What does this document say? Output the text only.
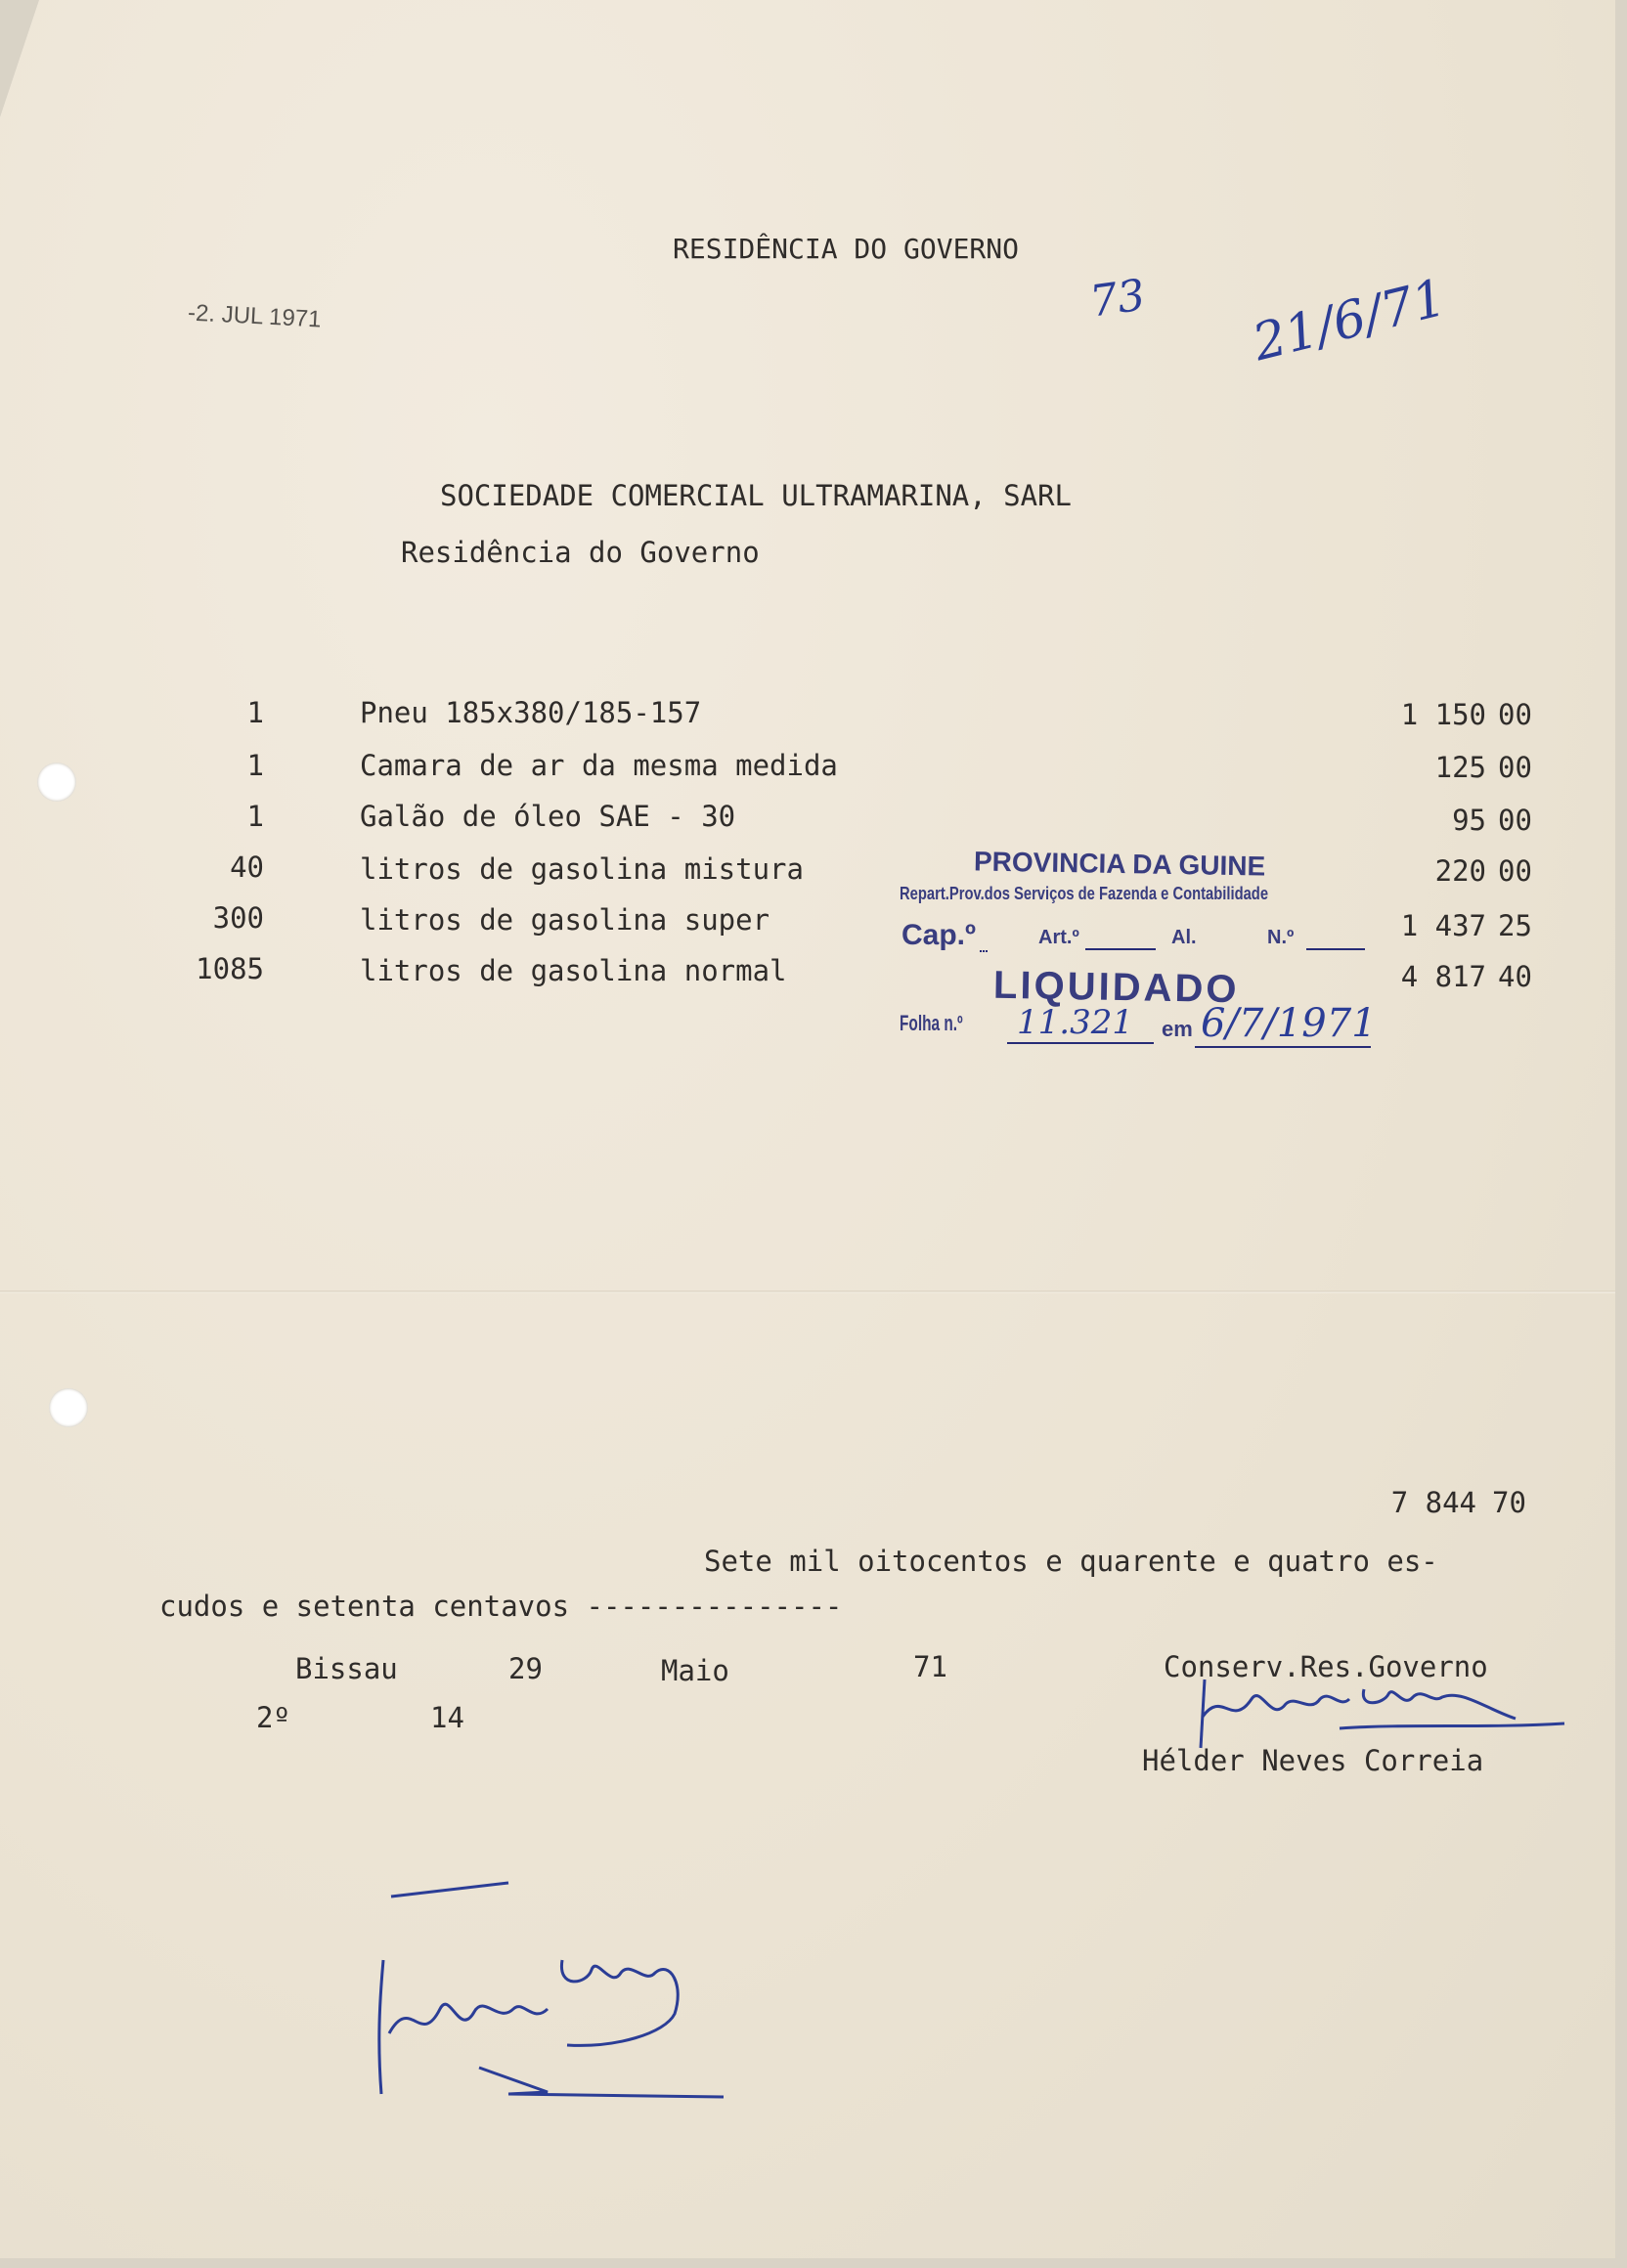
RESIDÊNCIA DO GOVERNO
-2. JUL 1971	73 21/6/71
SOCIEDADE COMERCIAL ULTRAMARINA, SARL
Residência do Governo
1	Pneu 185x380/185-157	1 150 00
1	Camara de ar da mesma medida	125 00
1	Galão de óleo SAE - 30	95 00
40	litros de gasolina mistura	220 00
300	litros de gasolina super	1 437 25
1085	litros de gasolina normal	4 817 40
PROVINCIA DA GUINE
Repart.Prov.dos Serviços de Fazenda e Contabilidade
Cap.º	Art.º	Al.	N.º
LIQUIDADO
Folha n.º 11.321 em 6/7/1971
7 844 70
Sete mil oitocentos e quarente e quatro es-
cudos e setenta centavos ---------------
Bissau	29	Maio	71
2º	14
Conserv.Res.Governo
Hélder Neves Correia
